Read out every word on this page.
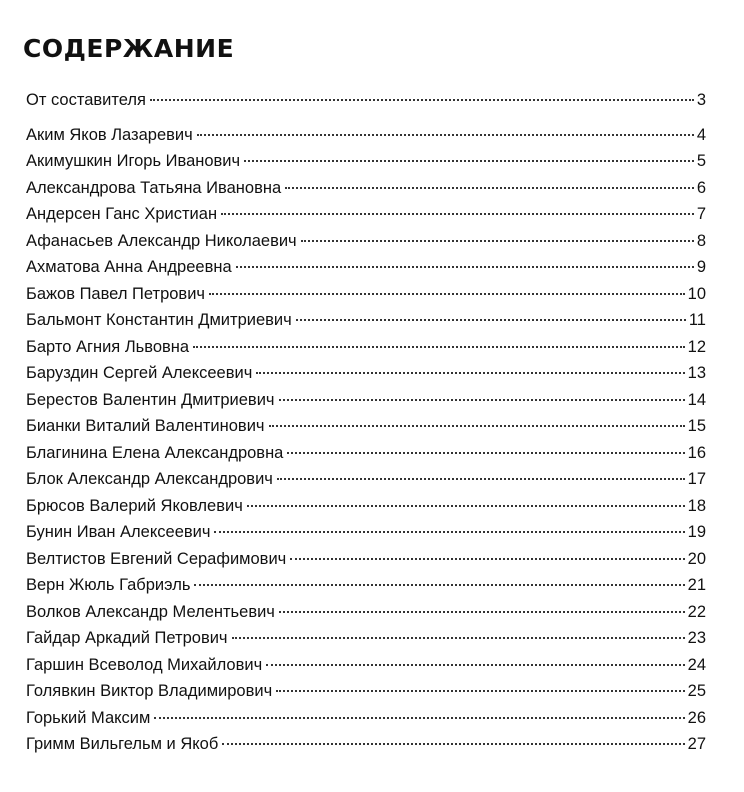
СОДЕРЖАНИЕ
От составителя	3
Аким Яков Лазаревич	4
Акимушкин Игорь Иванович	5
Александрова Татьяна Ивановна	6
Андерсен Ганс Христиан	7
Афанасьев Александр Николаевич	8
Ахматова Анна Андреевна	9
Бажов Павел Петрович	10
Бальмонт Константин Дмитриевич	11
Барто Агния Львовна	12
Баруздин Сергей Алексеевич	13
Берестов Валентин Дмитриевич	14
Бианки Виталий Валентинович	15
Благинина Елена Александровна	16
Блок Александр Александрович	17
Брюсов Валерий Яковлевич	18
Бунин Иван Алексеевич	19
Велтистов Евгений Серафимович	20
Верн Жюль Габриэль	21
Волков Александр Мелентьевич	22
Гайдар Аркадий Петрович	23
Гаршин Всеволод Михайлович	24
Голявкин Виктор Владимирович	25
Горький Максим	26
Гримм Вильгельм и Якоб	27
